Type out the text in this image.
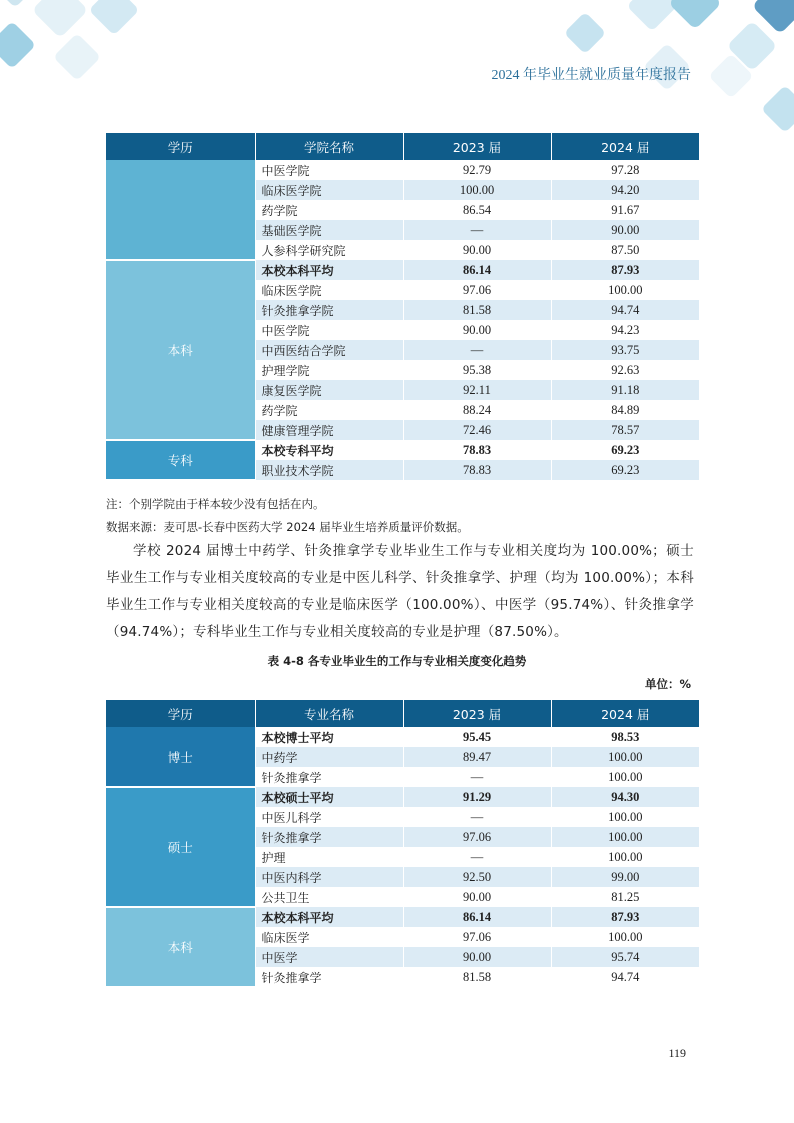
2024 年毕业生就业质量年度报告
学历	学院名称	2023 届	2024 届
	中医学院	92.79	97.28
	临床医学院	100.00	94.20
	药学院	86.54	91.67
	基础医学院	—	90.00
	人参科学研究院	90.00	87.50
本科	本校本科平均	86.14	87.93
	临床医学院	97.06	100.00
	针灸推拿学院	81.58	94.74
	中医学院	90.00	94.23
	中西医结合学院	—	93.75
	护理学院	95.38	92.63
	康复医学院	92.11	91.18
	药学院	88.24	84.89
	健康管理学院	72.46	78.57
专科	本校专科平均	78.83	69.23
	职业技术学院	78.83	69.23
注：个别学院由于样本较少没有包括在内。
数据来源：麦可思-长春中医药大学 2024 届毕业生培养质量评价数据。
学校 2024 届博士中药学、针灸推拿学专业毕业生工作与专业相关度均为 100.00%；硕士毕业生工作与专业相关度较高的专业是中医儿科学、针灸推拿学、护理（均为 100.00%）；本科毕业生工作与专业相关度较高的专业是临床医学（100.00%）、中医学（95.74%）、针灸推拿学（94.74%）；专科毕业生工作与专业相关度较高的专业是护理（87.50%）。
表 4-8 各专业毕业生的工作与专业相关度变化趋势
单位：%
学历	专业名称	2023 届	2024 届
博士	本校博士平均	95.45	98.53
	中药学	89.47	100.00
	针灸推拿学	—	100.00
硕士	本校硕士平均	91.29	94.30
	中医儿科学	—	100.00
	针灸推拿学	97.06	100.00
	护理	—	100.00
	中医内科学	92.50	99.00
	公共卫生	90.00	81.25
本科	本校本科平均	86.14	87.93
	临床医学	97.06	100.00
	中医学	90.00	95.74
	针灸推拿学	81.58	94.74
119
